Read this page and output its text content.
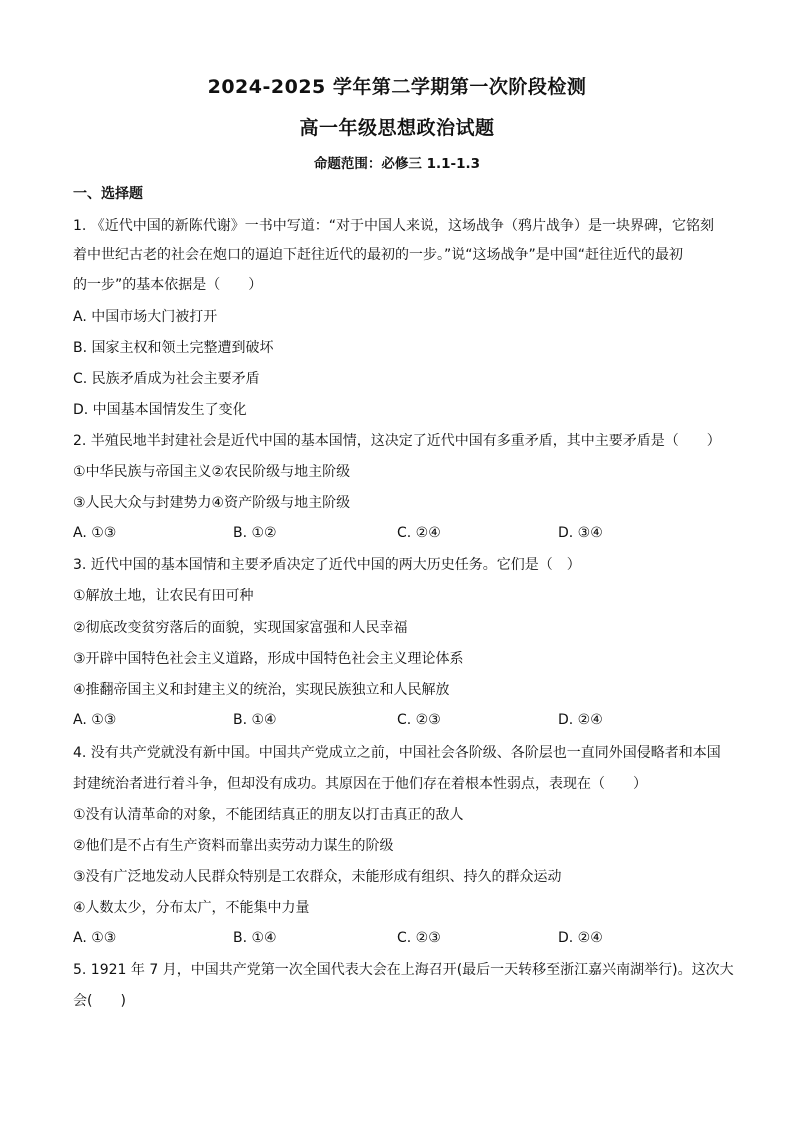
2024-2025 学年第二学期第一次阶段检测
高一年级思想政治试题
命题范围：必修三 1.1-1.3
一、选择题
1. 《近代中国的新陈代谢》一书中写道：“对于中国人来说，这场战争（鸦片战争）是一块界碑，它铭刻
着中世纪古老的社会在炮口的逼迫下赶往近代的最初的一步。”说“这场战争”是中国“赶往近代的最初
的一步”的基本依据是（　　）
A. 中国市场大门被打开
B. 国家主权和领土完整遭到破坏
C. 民族矛盾成为社会主要矛盾
D. 中国基本国情发生了变化
2. 半殖民地半封建社会是近代中国的基本国情，这决定了近代中国有多重矛盾，其中主要矛盾是（　　）
①中华民族与帝国主义②农民阶级与地主阶级
③人民大众与封建势力④资产阶级与地主阶级
A. ①③	B. ①②	C. ②④	D. ③④
3. 近代中国的基本国情和主要矛盾决定了近代中国的两大历史任务。它们是（　）
①解放土地，让农民有田可种
②彻底改变贫穷落后的面貌，实现国家富强和人民幸福
③开辟中国特色社会主义道路，形成中国特色社会主义理论体系
④推翻帝国主义和封建主义的统治，实现民族独立和人民解放
A. ①③	B. ①④	C. ②③	D. ②④
4. 没有共产党就没有新中国。中国共产党成立之前，中国社会各阶级、各阶层也一直同外国侵略者和本国
封建统治者进行着斗争，但却没有成功。其原因在于他们存在着根本性弱点，表现在（　　）
①没有认清革命的对象，不能团结真正的朋友以打击真正的敌人
②他们是不占有生产资料而靠出卖劳动力谋生的阶级
③没有广泛地发动人民群众特别是工农群众，未能形成有组织、持久的群众运动
④人数太少，分布太广，不能集中力量
A. ①③	B. ①④	C. ②③	D. ②④
5. 1921 年 7 月，中国共产党第一次全国代表大会在上海召开(最后一天转移至浙江嘉兴南湖举行)。这次大
会(　　)
